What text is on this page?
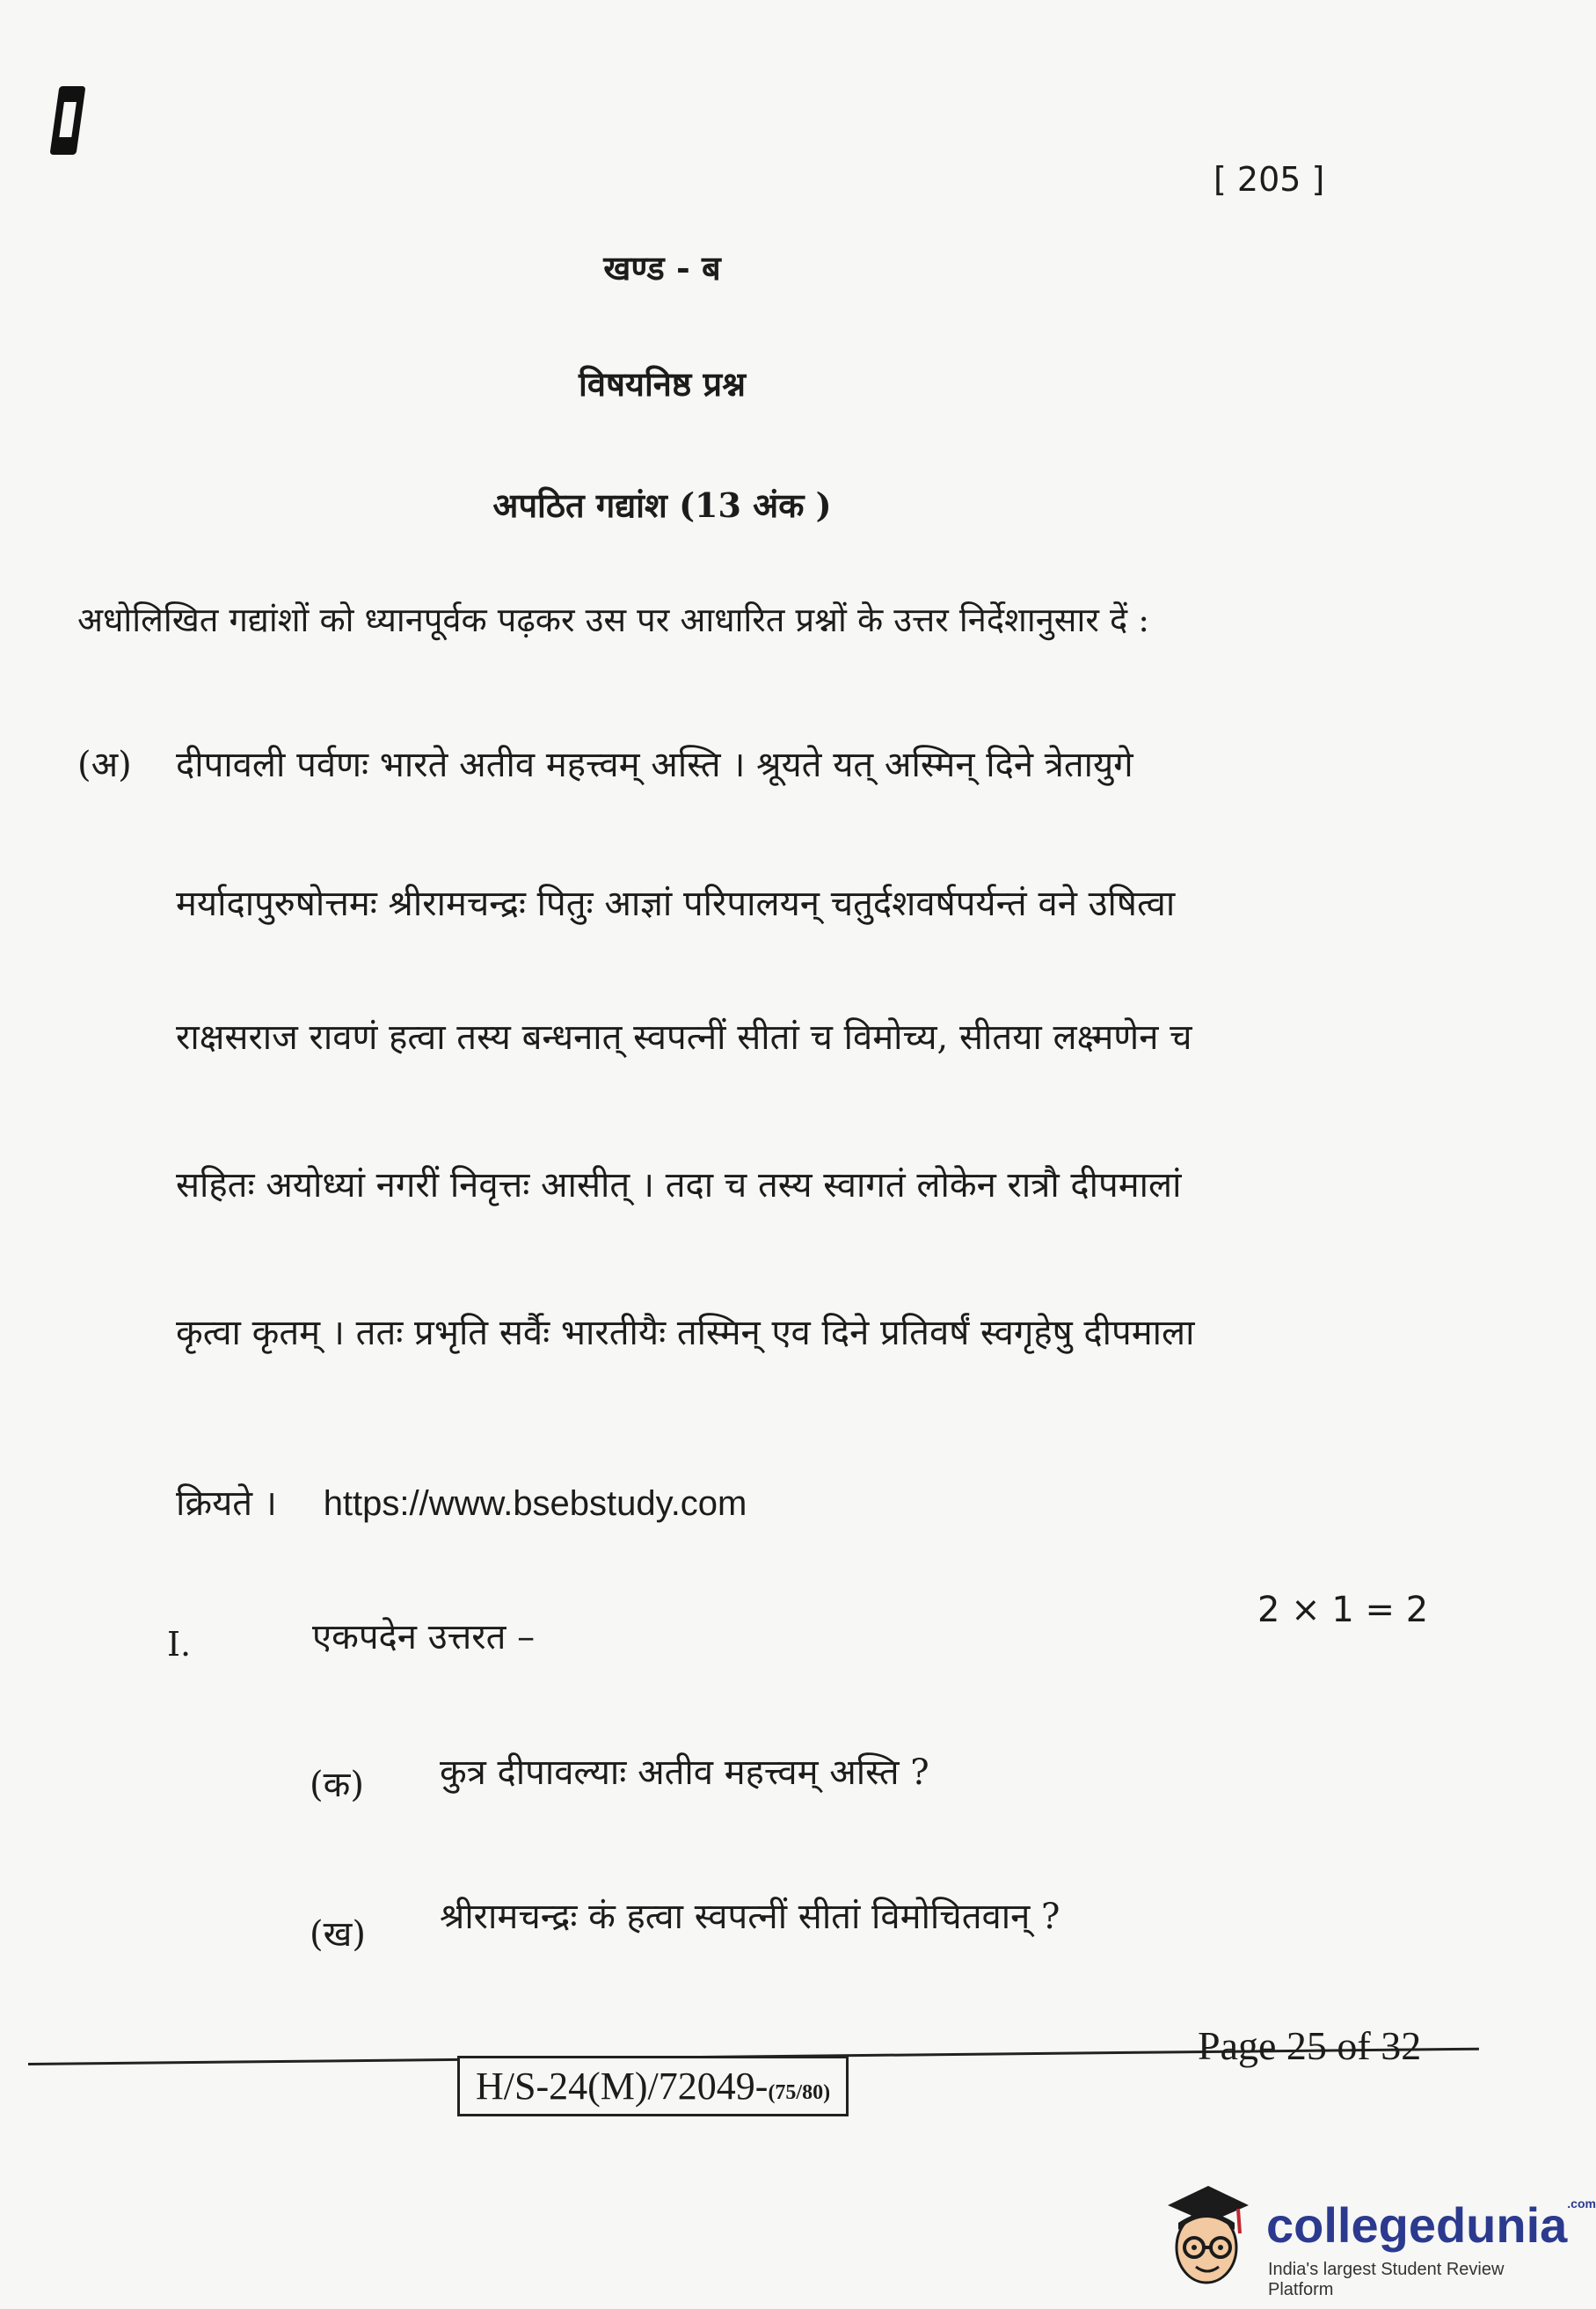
[ 205 ]
खण्ड - ब
विषयनिष्ठ प्रश्न
अपठित गद्यांश (13 अंक )
अधोलिखित गद्यांशों को ध्यानपूर्वक पढ़कर उस पर आधारित प्रश्नों के उत्तर निर्देशानुसार दें :
(अ) दीपावली पर्वणः भारते अतीव महत्त्वम् अस्ति । श्रूयते यत् अस्मिन् दिने त्रेतायुगे
मर्यादापुरुषोत्तमः श्रीरामचन्द्रः पितुः आज्ञां परिपालयन् चतुर्दशवर्षपर्यन्तं वने उषित्वा
राक्षसराज रावणं हत्वा तस्य बन्धनात् स्वपत्नीं सीतां च विमोच्य, सीतया लक्ष्मणेन च
सहितः अयोध्यां नगरीं निवृत्तः आसीत् । तदा च तस्य स्वागतं लोकेन रात्रौ दीपमालां
कृत्वा कृतम् । ततः प्रभृति सर्वैः भारतीयैः तस्मिन् एव दिने प्रतिवर्षं स्वगृहेषु दीपमाला
क्रियते । https://www.bsebstudy.com
I.	एकपदेन उत्तरत –
2 × 1 = 2
(क) कुत्र दीपावल्याः अतीव महत्त्वम् अस्ति ?
(ख) श्रीरामचन्द्रः कं हत्वा स्वपत्नीं सीतां विमोचितवान् ?
H/S-24(M)/72049-(75/80)
Page 25 of 32
collegedunia$^{.com}$
India's largest Student Review Platform
